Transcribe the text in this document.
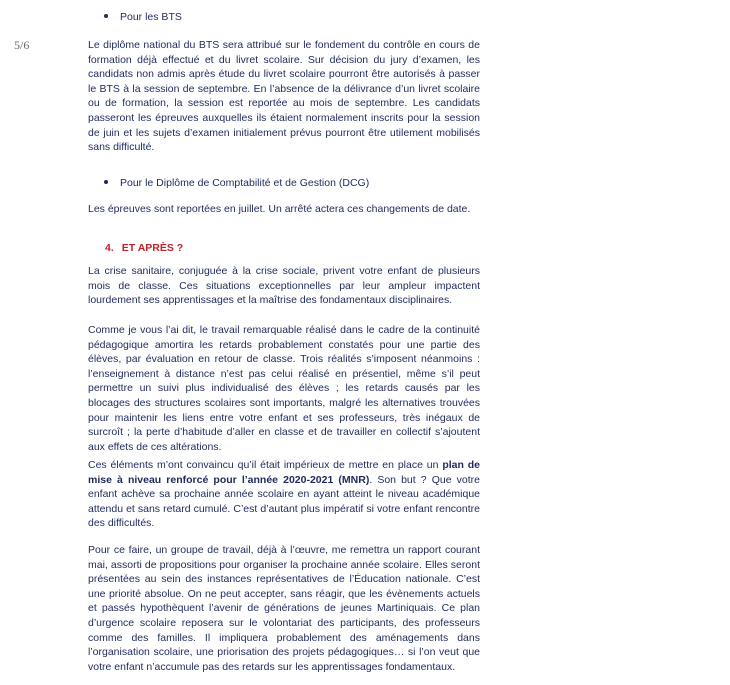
5/6
Pour les BTS
Le diplôme national du BTS sera attribué sur le fondement du contrôle en cours de formation déjà effectué et du livret scolaire. Sur décision du jury d’examen, les candidats non admis après étude du livret scolaire pourront être autorisés à passer le BTS à la session de septembre. En l’absence de la délivrance d’un livret scolaire ou de formation, la session est reportée au mois de septembre. Les candidats passeront les épreuves auxquelles ils étaient normalement inscrits pour la session de juin et les sujets d’examen initialement prévus pourront être utilement mobilisés sans difficulté.
Pour le Diplôme de Comptabilité et de Gestion (DCG)
Les épreuves sont reportées en juillet. Un arrêté actera ces changements de date.
4. ET APRÈS ?
La crise sanitaire, conjuguée à la crise sociale, privent votre enfant de plusieurs mois de classe. Ces situations exceptionnelles par leur ampleur impactent lourdement ses apprentissages et la maîtrise des fondamentaux disciplinaires.
Comme je vous l’ai dit, le travail remarquable réalisé dans le cadre de la continuité pédagogique amortira les retards probablement constatés pour une partie des élèves, par évaluation en retour de classe. Trois réalités s’imposent néanmoins : l’enseignement à distance n’est pas celui réalisé en présentiel, même s’il peut permettre un suivi plus individualisé des élèves ; les retards causés par les blocages des structures scolaires sont importants, malgré les alternatives trouvées pour maintenir les liens entre votre enfant et ses professeurs, très inégaux de surcroît ; la perte d’habitude d’aller en classe et de travailler en collectif s’ajoutent aux effets de ces altérations.
Ces éléments m’ont convaincu qu’il était impérieux de mettre en place un plan de mise à niveau renforcé pour l’année 2020-2021 (MNR). Son but ? Que votre enfant achève sa prochaine année scolaire en ayant atteint le niveau académique attendu et sans retard cumulé. C’est d’autant plus impératif si votre enfant rencontre des difficultés.
Pour ce faire, un groupe de travail, déjà à l’œuvre, me remettra un rapport courant mai, assorti de propositions pour organiser la prochaine année scolaire. Elles seront présentées au sein des instances représentatives de l’Éducation nationale. C’est une priorité absolue. On ne peut accepter, sans réagir, que les évènements actuels et passés hypothèquent l’avenir de générations de jeunes Martiniquais. Ce plan d’urgence scolaire reposera sur le volontariat des participants, des professeurs comme des familles. Il impliquera probablement des aménagements dans l’organisation scolaire, une priorisation des projets pédagogiques… si l’on veut que votre enfant n’accumule pas des retards sur les apprentissages fondamentaux.
